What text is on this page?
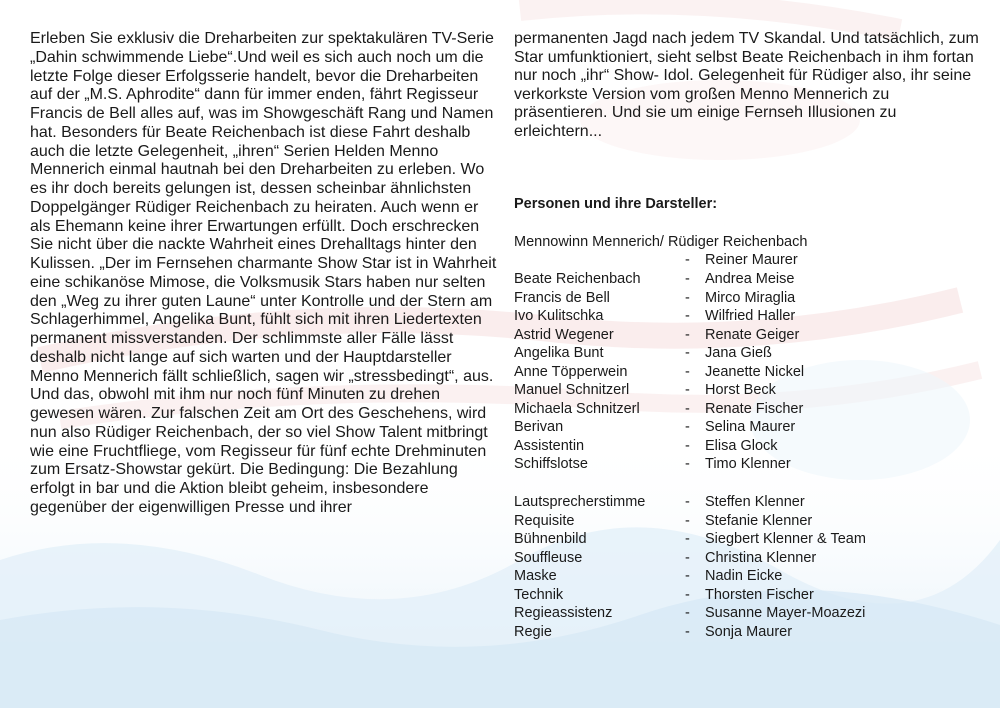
Erleben Sie exklusiv die Dreharbeiten zur spektakulären TV-Serie „Dahin schwimmende Liebe“.Und weil es sich auch noch um die letzte Folge dieser Erfolgsserie handelt, bevor die Dreharbeiten auf der „M.S. Aphrodite“ dann für immer enden, fährt Regisseur Francis de Bell alles auf, was im Showgeschäft Rang und Namen hat. Besonders für Beate Reichenbach ist diese Fahrt deshalb auch die letzte Gelegenheit, „ihren“ Serien Helden Menno Mennerich einmal hautnah bei den Dreharbeiten zu erleben. Wo es ihr doch bereits gelungen ist, dessen scheinbar ähnlichsten Doppelgänger Rüdiger Reichenbach zu heiraten. Auch wenn er als Ehemann keine ihrer Erwartungen erfüllt. Doch erschrecken Sie nicht über die nackte Wahrheit eines Drehalltags hinter den Kulissen. „Der im Fernsehen charmante Show Star ist in Wahrheit eine schikanöse Mimose, die Volksmusik Stars haben nur selten den „Weg zu ihrer guten Laune“ unter Kontrolle und der Stern am Schlagerhimmel, Angelika Bunt, fühlt sich mit ihren Liedertexten permanent missverstanden. Der schlimmste aller Fälle lässt deshalb nicht lange auf sich warten und der Hauptdarsteller Menno Mennerich fällt schließlich, sagen wir „stressbedingt“, aus. Und das, obwohl mit ihm nur noch fünf Minuten zu drehen gewesen wären. Zur falschen Zeit am Ort des Geschehens, wird nun also Rüdiger Reichenbach, der so viel Show Talent mitbringt wie eine Fruchtfliege, vom Regisseur für fünf echte Drehminuten zum Ersatz-Showstar gekürt. Die Bedingung: Die Bezahlung erfolgt in bar und die Aktion bleibt geheim, insbesondere gegenüber der eigenwilligen Presse und ihrer

permanenten Jagd nach jedem TV Skandal. Und tatsächlich, zum Star umfunktioniert, sieht selbst Beate Reichenbach in ihm fortan nur noch „ihr“ Show- Idol. Gelegenheit für Rüdiger also, ihr seine verkorkste Version vom großen Menno Mennerich zu präsentieren. Und sie um einige Fernseh Illusionen zu erleichtern...

Personen und ihre Darsteller:

Mennowinn Mennerich/ Rüdiger Reichenbach

-	Reiner Maurer
Beate Reichenbach	-	Andrea Meise
Francis de Bell	-	Mirco Miraglia
Ivo Kulitschka	-	Wilfried Haller
Astrid Wegener	-	Renate Geiger
Angelika Bunt	-	Jana Gieß
Anne Töpperwein	-	Jeanette Nickel
Manuel Schnitzerl	-	Horst Beck
Michaela Schnitzerl	-	Renate Fischer
Berivan	-	Selina Maurer
Assistentin	-	Elisa Glock
Schiffslotse	-	Timo Klenner
Lautsprecherstimme	-	Steffen Klenner
Requisite	-	Stefanie Klenner
Bühnenbild	-	Siegbert Klenner & Team
Souffleuse	-	Christina Klenner
Maske	-	Nadin Eicke
Technik	-	Thorsten Fischer
Regieassistenz	-	Susanne Mayer-Moazezi
Regie	-	Sonja Maurer
